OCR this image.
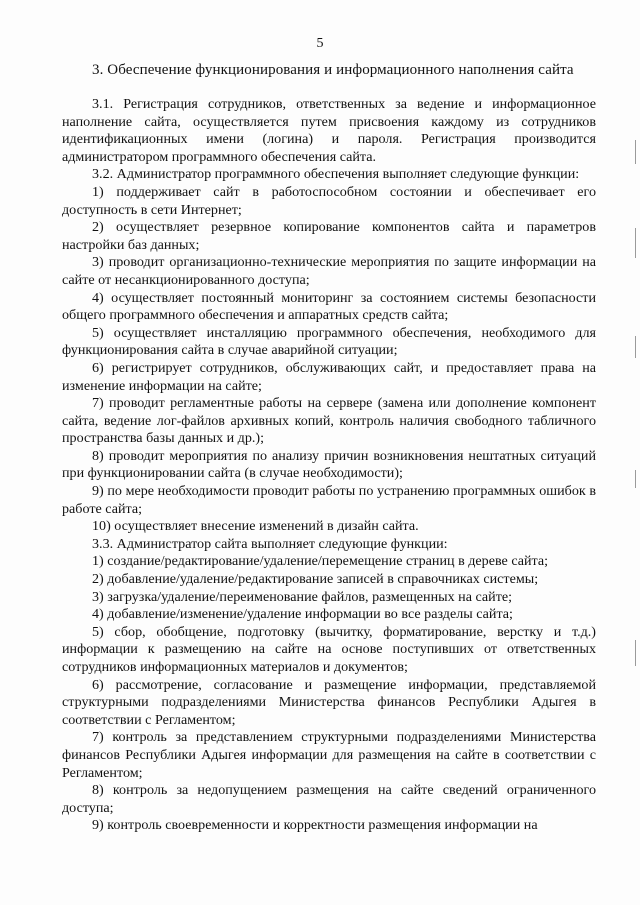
5
3. Обеспечение функционирования и информационного наполнения сайта

3.1. Регистрация сотрудников, ответственных за ведение и информационное наполнение сайта, осуществляется путем присвоения каждому из сотрудников идентификационных имени (логина) и пароля. Регистрация производится администратором программного обеспечения сайта.

3.2. Администратор программного обеспечения выполняет следующие функции:

1) поддерживает сайт в работоспособном состоянии и обеспечивает его доступность в сети Интернет;

2) осуществляет резервное копирование компонентов сайта и параметров настройки баз данных;

3) проводит организационно-технические мероприятия по защите информации на сайте от несанкционированного доступа;

4) осуществляет постоянный мониторинг за состоянием системы безопасности общего программного обеспечения и аппаратных средств сайта;

5) осуществляет инсталляцию программного обеспечения, необходимого для функционирования сайта в случае аварийной ситуации;

6) регистрирует сотрудников, обслуживающих сайт, и предоставляет права на изменение информации на сайте;

7) проводит регламентные работы на сервере (замена или дополнение компонент сайта, ведение лог-файлов архивных копий, контроль наличия свободного табличного пространства базы данных и др.);

8) проводит мероприятия по анализу причин возникновения нештатных ситуаций при функционировании сайта (в случае необходимости);

9) по мере необходимости проводит работы по устранению программных ошибок в работе сайта;

10) осуществляет внесение изменений в дизайн сайта.

3.3. Администратор сайта выполняет следующие функции:

1) создание/редактирование/удаление/перемещение страниц в дереве сайта;

2) добавление/удаление/редактирование записей в справочниках системы;

3) загрузка/удаление/переименование файлов, размещенных на сайте;

4) добавление/изменение/удаление информации во все разделы сайта;

5) сбор, обобщение, подготовку (вычитку, форматирование, верстку и т.д.) информации к размещению на сайте на основе поступивших от ответственных сотрудников информационных материалов и документов;

6) рассмотрение, согласование и размещение информации, представляемой структурными подразделениями Министерства финансов Республики Адыгея в соответствии с Регламентом;

7) контроль за представлением структурными подразделениями Министерства финансов Республики Адыгея информации для размещения на сайте в соответствии с Регламентом;

8) контроль за недопущением размещения на сайте сведений ограниченного доступа;

9) контроль своевременности и корректности размещения информации на
